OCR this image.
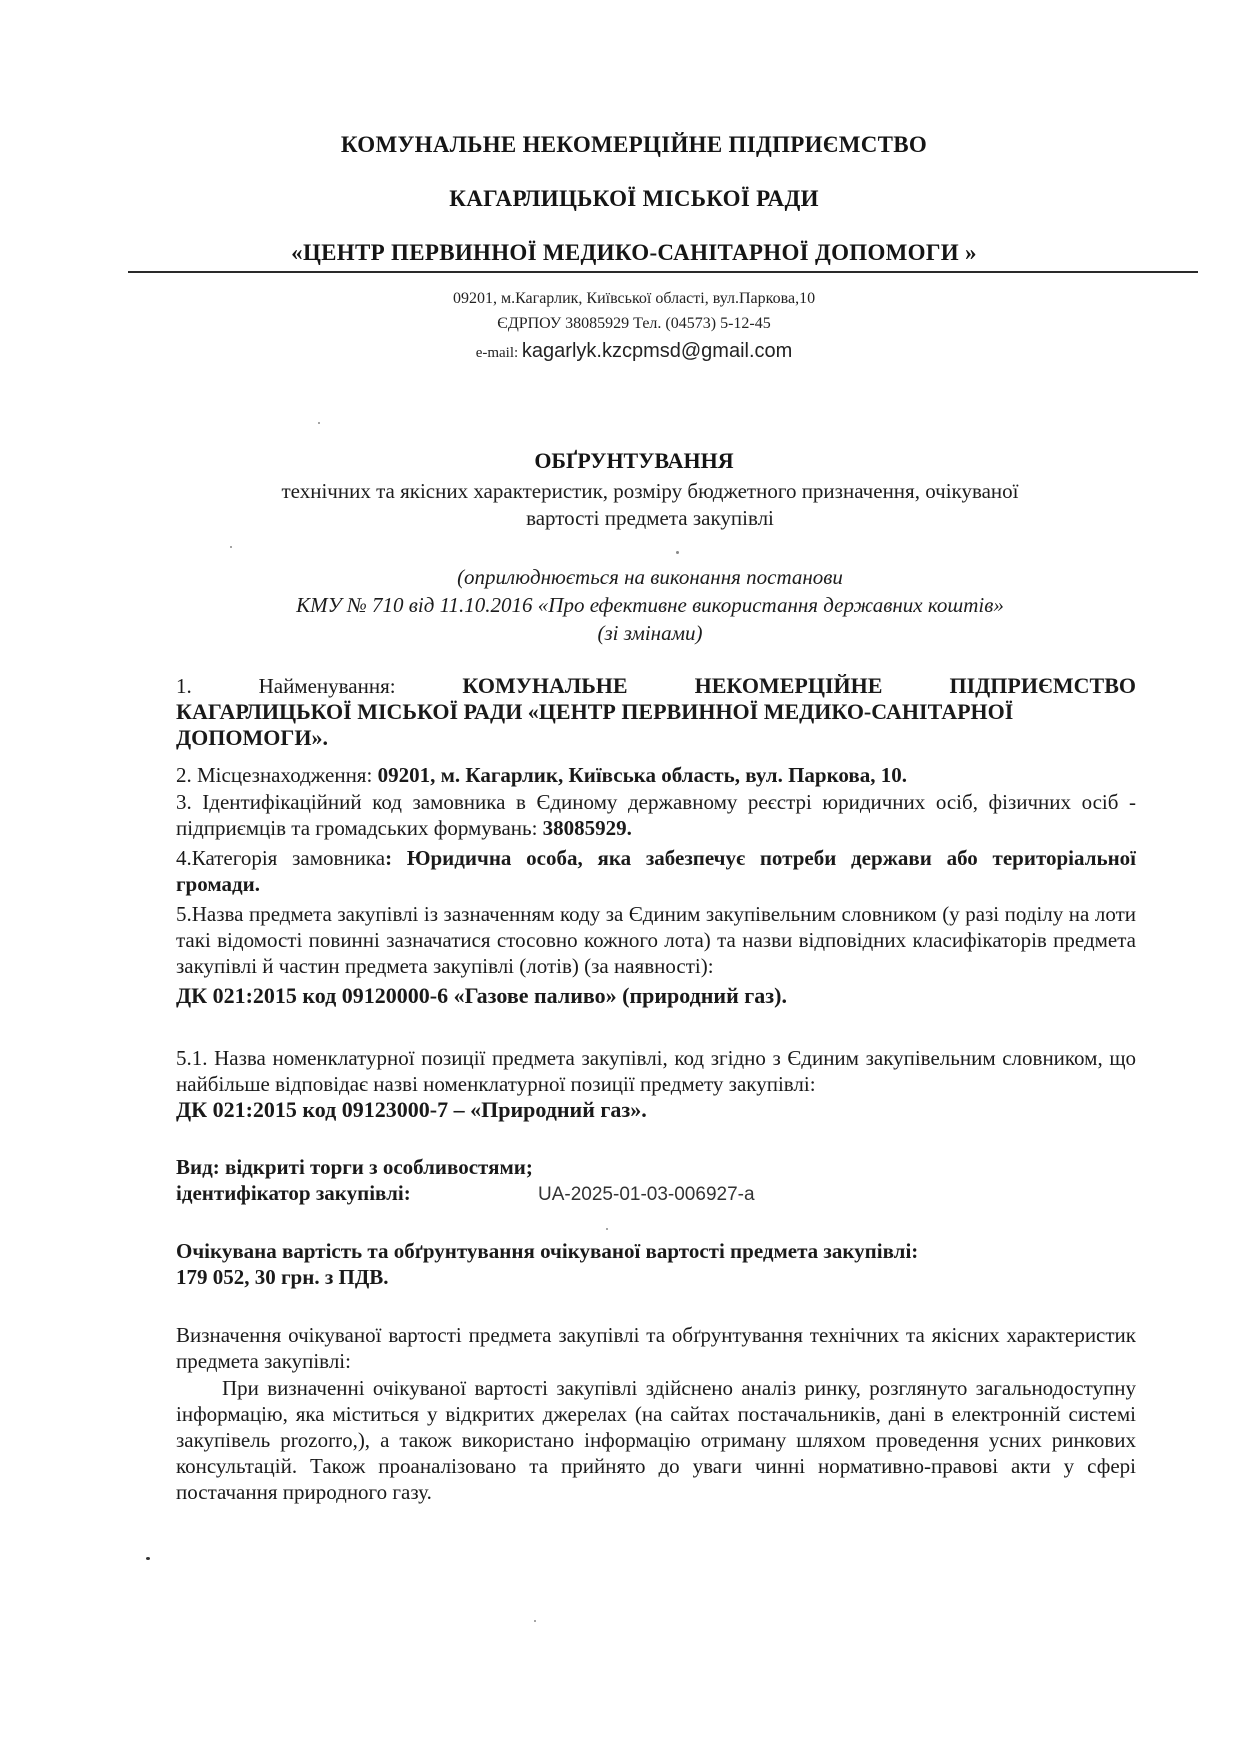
КОМУНАЛЬНЕ НЕКОМЕРЦІЙНЕ ПІДПРИЄМСТВО
КАГАРЛИЦЬКОЇ МІСЬКОЇ РАДИ
«ЦЕНТР ПЕРВИННОЇ МЕДИКО-САНІТАРНОЇ ДОПОМОГИ »
09201, м.Кагарлик, Київської області, вул.Паркова,10
ЄДРПОУ 38085929 Тел. (04573) 5-12-45
e-mail: kagarlyk.kzcpmsd@gmail.com
ОБҐРУНТУВАННЯ
технічних та якісних характеристик, розміру бюджетного призначення, очікуваної
вартості предмета закупівлі
(оприлюднюється на виконання постанови
КМУ № 710 від 11.10.2016 «Про ефективне використання державних коштів»
(зі змінами)
1. Найменування: КОМУНАЛЬНЕ НЕКОМЕРЦІЙНЕ ПІДПРИЄМСТВО
КАГАРЛИЦЬКОЇ МІСЬКОЇ РАДИ «ЦЕНТР ПЕРВИННОЇ МЕДИКО-САНІТАРНОЇ
ДОПОМОГИ».
2. Місцезнаходження: 09201, м. Кагарлик, Київська область, вул. Паркова, 10.
3. Ідентифікаційний код замовника в Єдиному державному реєстрі юридичних осіб, фізичних осіб - підприємців та громадських формувань: 38085929.
4.Категорія замовника: Юридична особа, яка забезпечує потреби держави або територіальної громади.
5.Назва предмета закупівлі із зазначенням коду за Єдиним закупівельним словником (у разі поділу на лоти такі відомості повинні зазначатися стосовно кожного лота) та назви відповідних класифікаторів предмета закупівлі й частин предмета закупівлі (лотів) (за наявності):
ДК 021:2015 код 09120000-6 «Газове паливо» (природний газ).
5.1. Назва номенклатурної позиції предмета закупівлі, код згідно з Єдиним закупівельним словником, що найбільше відповідає назві номенклатурної позиції предмету закупівлі:
ДК 021:2015 код 09123000-7 – «Природний газ».
Вид: відкриті торги з особливостями;
ідентифікатор закупівлі:	UA-2025-01-03-006927-a
Очікувана вартість та обґрунтування очікуваної вартості предмета закупівлі:
179 052, 30 грн. з ПДВ.
Визначення очікуваної вартості предмета закупівлі та обґрунтування технічних та якісних характеристик предмета закупівлі:
При визначенні очікуваної вартості закупівлі здійснено аналіз ринку, розглянуто загальнодоступну інформацію, яка міститься у відкритих джерелах (на сайтах постачальників, дані в електронній системі закупівель prozorro,), а також використано інформацію отриману шляхом проведення усних ринкових консультацій. Також проаналізовано та прийнято до уваги чинні нормативно-правові акти у сфері постачання природного газу.
